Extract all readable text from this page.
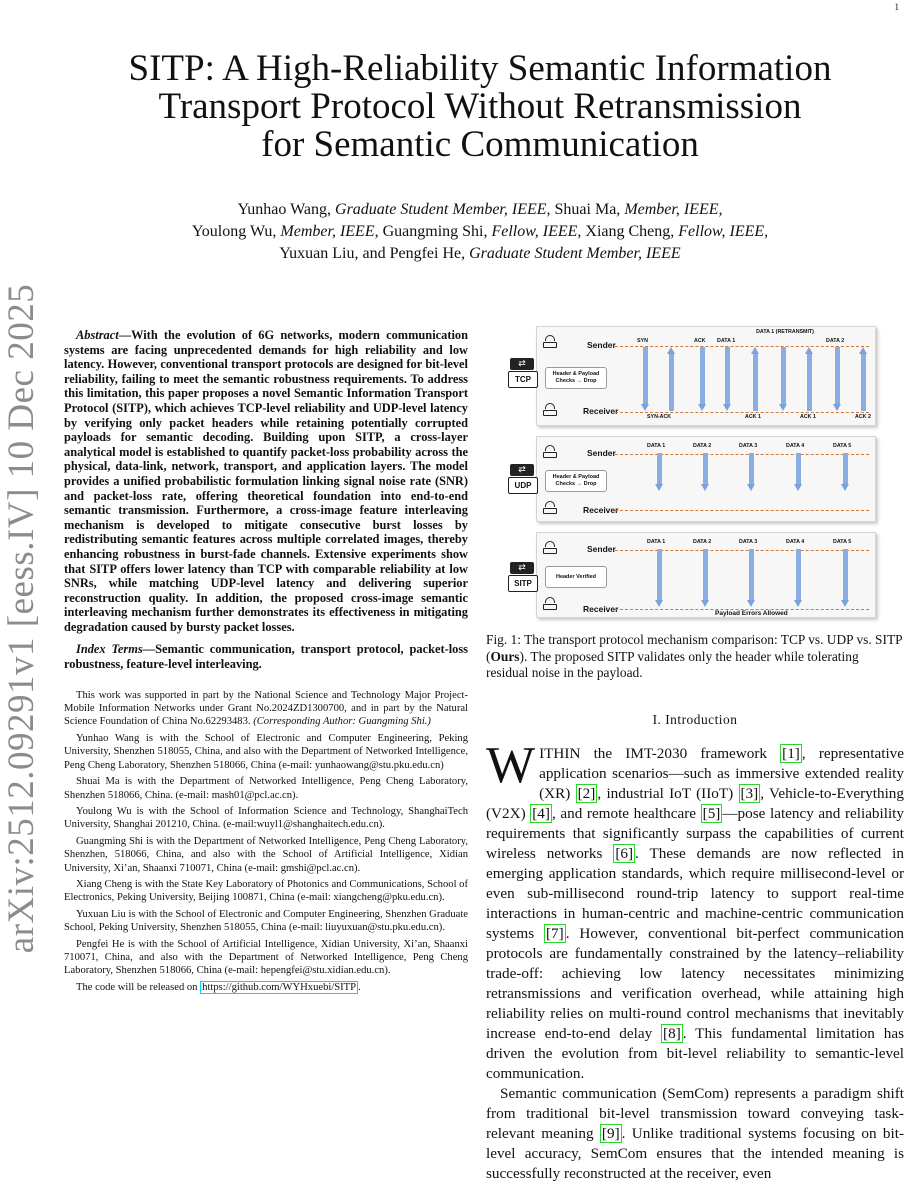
1
arXiv:2512.09291v1 [eess.IV] 10 Dec 2025
SITP: A High-Reliability Semantic Information
Transport Protocol Without Retransmission
for Semantic Communication
Yunhao Wang, Graduate Student Member, IEEE, Shuai Ma, Member, IEEE,
Youlong Wu, Member, IEEE, Guangming Shi, Fellow, IEEE, Xiang Cheng, Fellow, IEEE,
Yuxuan Liu, and Pengfei He, Graduate Student Member, IEEE

Abstract—With the evolution of 6G networks, modern communication systems are facing unprecedented demands for high reliability and low latency. However, conventional transport protocols are designed for bit-level reliability, failing to meet the semantic robustness requirements. To address this limitation, this paper proposes a novel Semantic Information Transport Protocol (SITP), which achieves TCP-level reliability and UDP-level latency by verifying only packet headers while retaining potentially corrupted payloads for semantic decoding. Building upon SITP, a cross-layer analytical model is established to quantify packet-loss probability across the physical, data-link, network, transport, and application layers. The model provides a unified probabilistic formulation linking signal noise rate (SNR) and packet-loss rate, offering theoretical foundation into end-to-end semantic transmission. Furthermore, a cross-image feature interleaving mechanism is developed to mitigate consecutive burst losses by redistributing semantic features across multiple correlated images, thereby enhancing robustness in burst-fade channels. Extensive experiments show that SITP offers lower latency than TCP with comparable reliability at low SNRs, while matching UDP-level latency and delivering superior reconstruction quality. In addition, the proposed cross-image semantic interleaving mechanism further demonstrates its effectiveness in mitigating degradation caused by bursty packet losses.

Index Terms—Semantic communication, transport protocol, packet-loss robustness, feature-level interleaving.

This work was supported in part by the National Science and Technology Major Project-Mobile Information Networks under Grant No.2024ZD1300700, and in part by the Natural Science Foundation of China No.62293483. (Corresponding Author: Guangming Shi.)

Yunhao Wang is with the School of Electronic and Computer Engineering, Peking University, Shenzhen 518055, China, and also with the Department of Networked Intelligence, Peng Cheng Laboratory, Shenzhen 518066, China (e-mail: yunhaowang@stu.pku.edu.cn)

Shuai Ma is with the Department of Networked Intelligence, Peng Cheng Laboratory, Shenzhen 518066, China. (e-mail: mash01@pcl.ac.cn).

Youlong Wu is with the School of Information Science and Technology, ShanghaiTech University, Shanghai 201210, China. (e-mail:wuyl1@shanghaitech.edu.cn).

Guangming Shi is with the Department of Networked Intelligence, Peng Cheng Laboratory, Shenzhen, 518066, China, and also with the School of Artificial Intelligence, Xidian University, Xi’an, Shaanxi 710071, China (e-mail: gmshi@pcl.ac.cn).

Xiang Cheng is with the State Key Laboratory of Photonics and Communications, School of Electronics, Peking University, Beijing 100871, China (e-mail: xiangcheng@pku.edu.cn).

Yuxuan Liu is with the School of Electronic and Computer Engineering, Shenzhen Graduate School, Peking University, Shenzhen 518055, China (e-mail: liuyuxuan@stu.pku.edu.cn).

Pengfei He is with the School of Artificial Intelligence, Xidian University, Xi’an, Shaanxi 710071, China, and also with the Department of Networked Intelligence, Peng Cheng Laboratory, Shenzhen 518066, China (e-mail: hepengfei@stu.xidian.edu.cn).

The code will be released on https://github.com/WYHxuebi/SITP .

Sender
Header & Payload Checks → Drop
Receiver
SYN	ACK DATA 1
DATA 1 (RETRANSMIT)
DATA 2
SYN-ACK	ACK 1	ACK 1	ACK 2
Sender
Header & Payload Checks → Drop
Receiver
DATA 1	DATA 2	DATA 3	DATA 4	DATA 5
Sender
Header Verified
Receiver
DATA 1	DATA 2	DATA 3	DATA 4	DATA 5
Payload Errors Allowed
⇄
TCP
⇄
UDP
⇄
SITP

Fig. 1: The transport protocol mechanism comparison: TCP vs. UDP vs. SITP (Ours). The proposed SITP validates only the header while tolerating residual noise in the payload.

I. Introduction

WITHIN the IMT-2030 framework [1] , representative application scenarios—such as immersive extended reality (XR) [2] , industrial IoT (IIoT) [3] , Vehicle-to-Everything (V2X) [4] , and remote healthcare [5] —pose latency and reliability requirements that significantly surpass the capabilities of current wireless networks [6] . These demands are now reflected in emerging application standards, which require millisecond-level or even sub-millisecond round-trip latency to support real-time interactions in human-centric and machine-centric communication systems [7] . However, conventional bit-perfect communication protocols are fundamentally constrained by the latency–reliability trade-off: achieving low latency necessitates minimizing retransmissions and verification overhead, while attaining high reliability relies on multi-round control mechanisms that inevitably increase end-to-end delay [8] . This fundamental limitation has driven the evolution from bit-level reliability to semantic-level communication.

Semantic communication (SemCom) represents a paradigm shift from traditional bit-level transmission toward conveying task-relevant meaning [9] . Unlike traditional systems focusing on bit-level accuracy, SemCom ensures that the intended meaning is successfully reconstructed at the receiver, even
